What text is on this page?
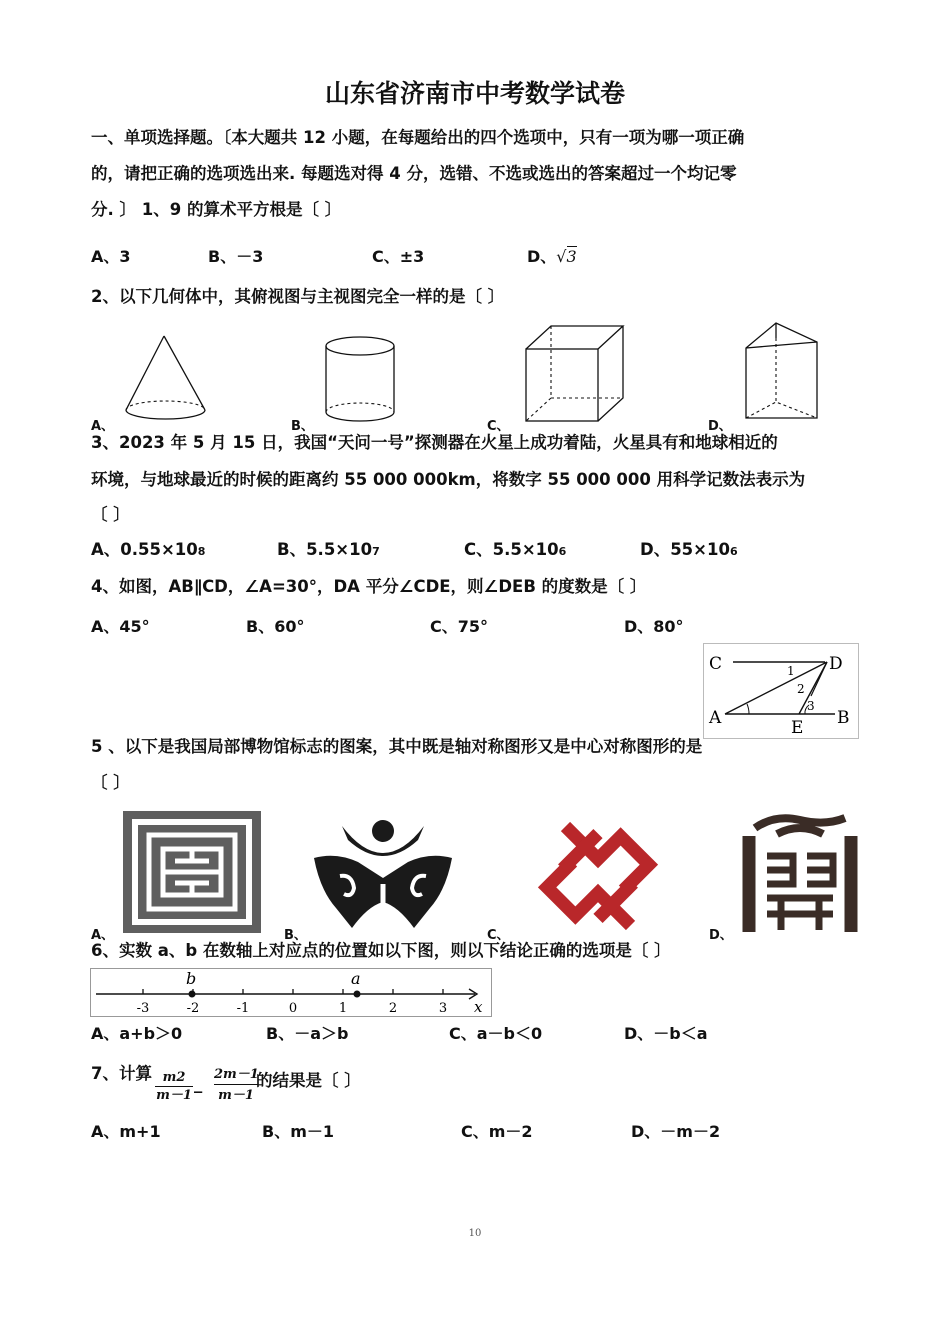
山东省济南市中考数学试卷
一、单项选择题。〔本大题共 12 小题，在每题给出的四个选项中，只有一项为哪一项正确
的，请把正确的选项选出来. 每题选对得 4 分，选错、不选或选出的答案超过一个均记零
分. 〕 1、9 的算术平方根是〔 〕
A、3	B、－3	C、±3	D、√3
2、以下几何体中，其俯视图与主视图完全一样的是〔 〕
A、	B、	C、	D、
3、2023 年 5 月 15 日，我国“天问一号”探测器在火星上成功着陆，火星具有和地球相近的
环境，与地球最近的时候的距离约 55 000 000km，将数字 55 000 000 用科学记数法表示为
〔 〕
A、0.55×108	B、5.5×107	C、5.5×106	D、55×106
4、如图，AB∥CD，∠A=30°，DA 平分∠CDE，则∠DEB 的度数是〔 〕
A、45°	B、60°	C、75°	D、80°
C	D
A	E B
1
2
3
5 、以下是我国局部博物馆标志的图案，其中既是轴对称图形又是中心对称图形的是
〔 〕
A、	B、	C、	D、
6、实数 a、b 在数轴上对应点的位置如以下图，则以下结论正确的选项是〔 〕
-3	-2	-1	0	1	2	3
b	a
x
A、a+b＞0	B、－a＞b	C、a－b＜0	D、－b＜a
7、计算 $\frac{m2}{m-1}$ _ $\frac{2m-1}{m-1}$
的结果是〔 〕
A、m+1	B、m－1	C、m－2	D、－m－2
10
